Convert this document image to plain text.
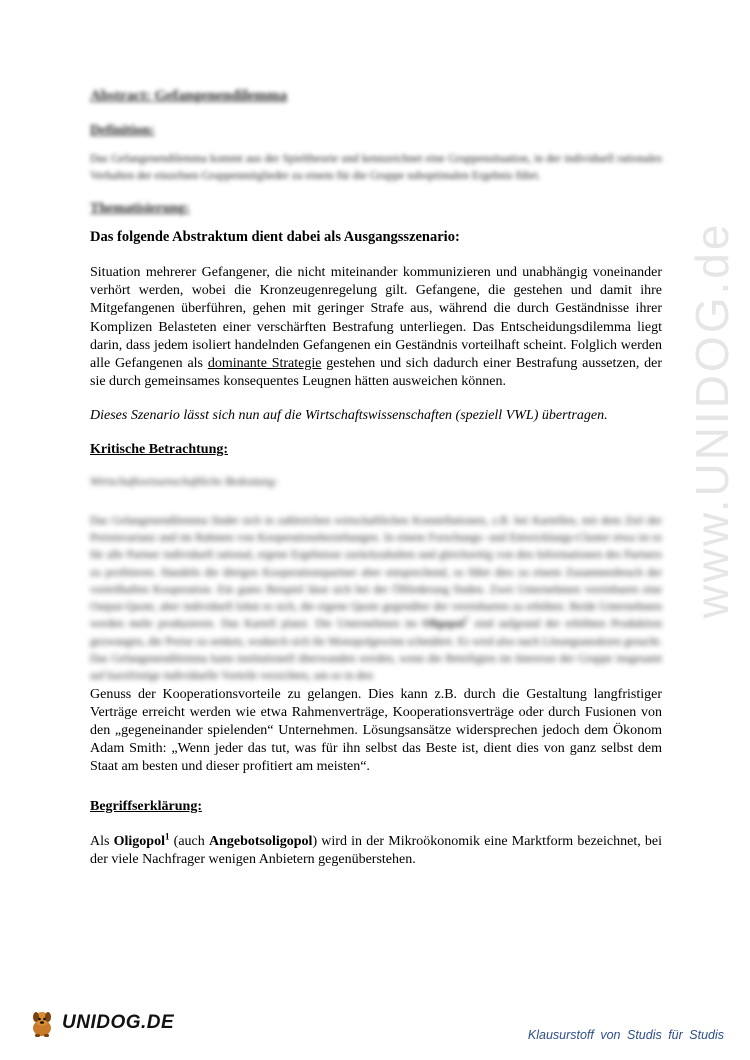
www.UNIDOG.de
Abstract: Gefangenendilemma
Definition:

Das Gefangenendilemma kommt aus der Spieltheorie und kennzeichnet eine Gruppensituation, in der individuell rationales Verhalten der einzelnen Gruppenmitglieder zu einem für die Gruppe suboptimalen Ergebnis führt.

Thematisierung:
Das folgende Abstraktum dient dabei als Ausgangsszenario:

Situation mehrerer Gefangener, die nicht miteinander kommunizieren und unabhängig voneinander verhört werden, wobei die Kronzeugenregelung gilt. Gefangene, die gestehen und damit ihre Mitgefangenen überführen, gehen mit geringer Strafe aus, während die durch Geständnisse ihrer Komplizen Belasteten einer verschärften Bestrafung unterliegen. Das Entscheidungsdilemma liegt darin, dass jedem isoliert handelnden Gefangenen ein Geständnis vorteilhaft scheint. Folglich werden alle Gefangenen als dominante Strategie gestehen und sich dadurch einer Bestrafung aussetzen, der sie durch gemeinsames konsequentes Leugnen hätten ausweichen können.

Dieses Szenario lässt sich nun auf die Wirtschaftswissenschaften (speziell VWL) übertragen.

Kritische Betrachtung:

Wirtschaftswissenschaftliche Bedeutung:

Das Gefangenendilemma findet sich in zahlreichen wirtschaftlichen Konstellationen, z.B. bei Kartellen, mit dem Ziel der Preisinvarianz und im Rahmen von Kooperationsbeziehungen. In einem Forschungs- und Entwicklungs-Cluster etwa ist es für alle Partner individuell rational, eigene Ergebnisse zurückzuhalten und gleichzeitig von den Informationen des Partners zu profitieren. Handeln die übrigen Kooperationspartner aber entsprechend, so führt dies zu einem Zusammenbruch der vorteilhaften Kooperation. Ein gutes Beispiel lässt sich bei der Ölförderung finden. Zwei Unternehmen vereinbaren eine Output-Quote, aber individuell lohnt es sich, die eigene Quote gegenüber der vereinbarten zu erhöhen. Beide Unternehmen werden mehr produzieren. Das Kartell platzt. Die Unternehmen im Oligopol$^1$ sind aufgrund der erhöhten Produktion gezwungen, die Preise zu senken, wodurch sich ihr Monopolgewinn schmälert. Es wird also nach Lösungsansätzen gesucht. Das Gefangenendilemma kann institutionell überwunden werden, wenn die Beteiligten im Interesse der Gruppe insgesamt auf kurzfristige individuelle Vorteile verzichten, um so in den

Genuss der Kooperationsvorteile zu gelangen. Dies kann z.B. durch die Gestaltung langfristiger Verträge erreicht werden wie etwa Rahmenverträge, Kooperationsverträge oder durch Fusionen von den „gegeneinander spielenden“ Unternehmen. Lösungsansätze widersprechen jedoch dem Ökonom Adam Smith: „Wenn jeder das tut, was für ihn selbst das Beste ist, dient dies von ganz selbst dem Staat am besten und dieser profitiert am meisten“.

Begriffserklärung:

Als Oligopol$^1$ (auch Angebotsoligopol) wird in der Mikroökonomik eine Marktform bezeichnet, bei der viele Nachfrager wenigen Anbietern gegenüberstehen.

UNIDOG.DE
Klausurstoff von Studis für Studis
